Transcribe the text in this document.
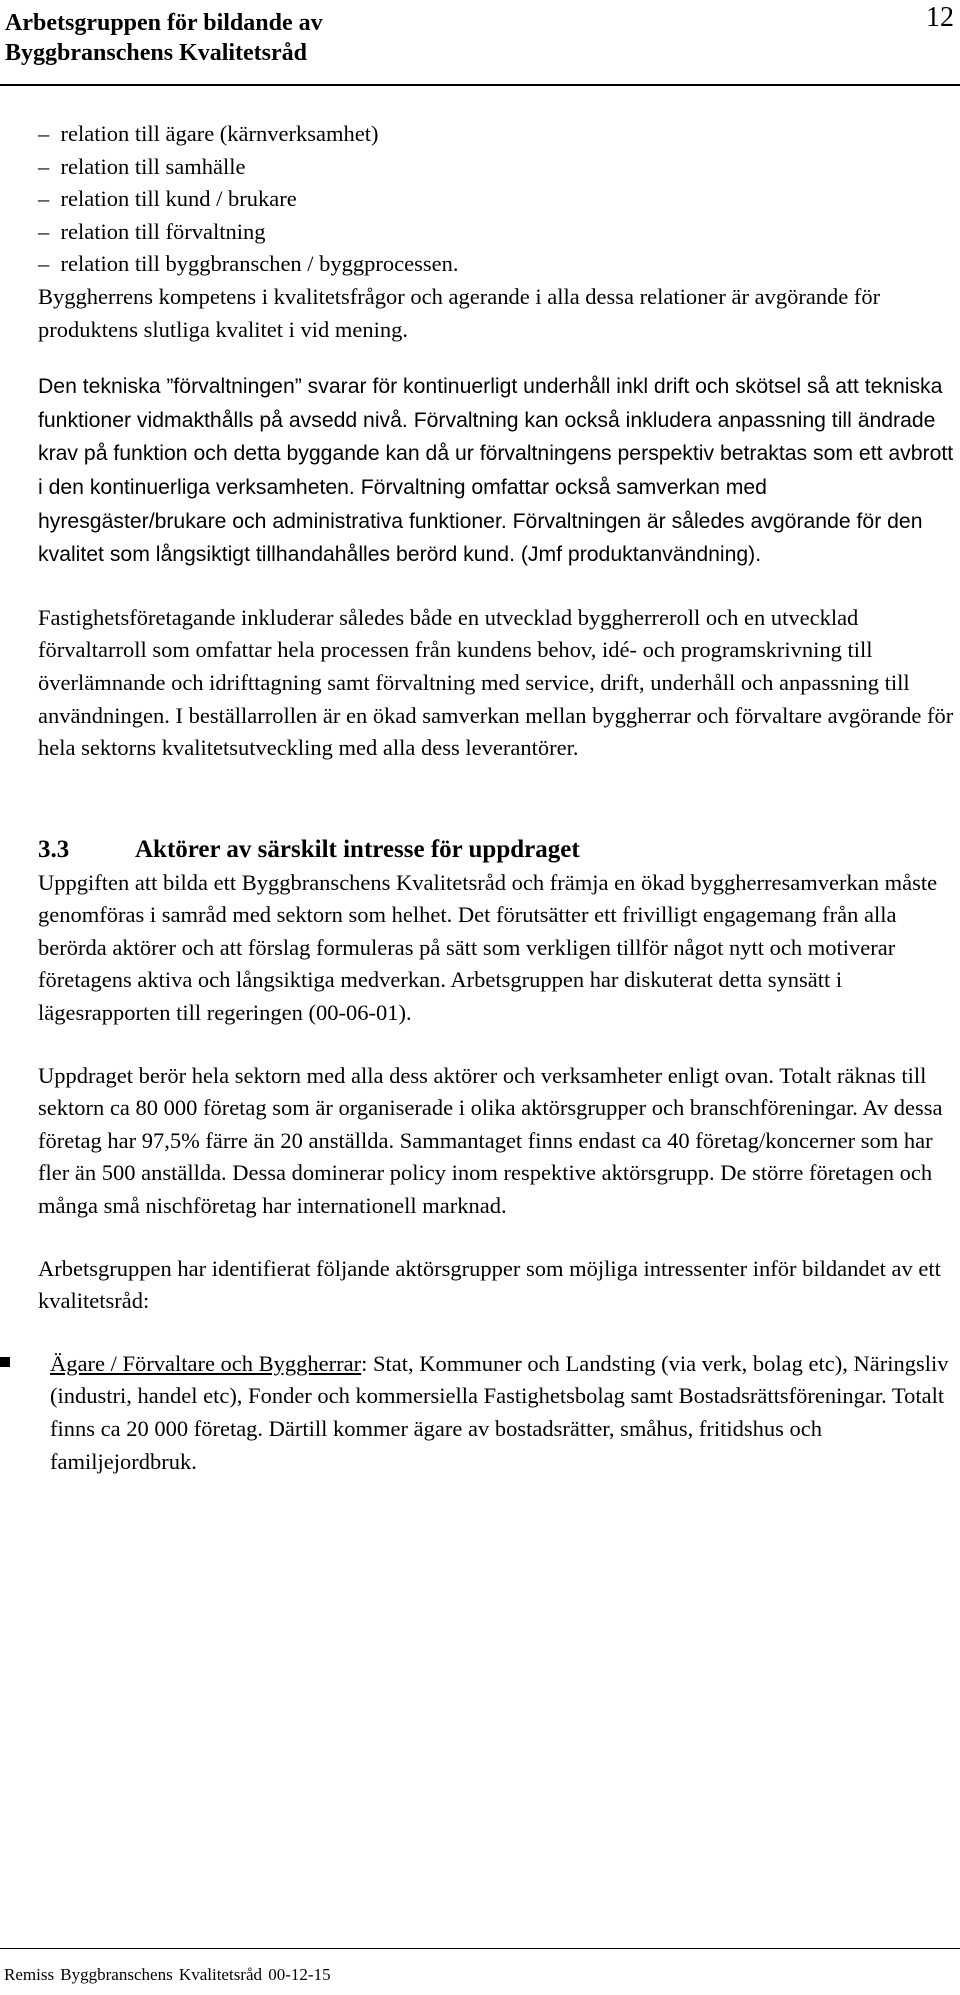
Arbetsgruppen för bildande av
Byggbranschens Kvalitetsråd
12
–  relation till ägare (kärnverksamhet)
–  relation till samhälle
–  relation till kund / brukare
–  relation till förvaltning
–  relation till byggbranschen / byggprocessen.

Byggherrens kompetens i kvalitetsfrågor och agerande i alla dessa relationer är avgörande för produktens slutliga kvalitet i vid mening.

Den tekniska ”förvaltningen” svarar för kontinuerligt underhåll inkl drift och skötsel så att tekniska funktioner vidmakthålls på avsedd nivå. Förvaltning kan också inkludera anpassning till ändrade krav på funktion och detta byggande kan då ur förvaltningens perspektiv betraktas som ett avbrott i den kontinuerliga verksamheten. Förvaltning omfattar också samverkan med hyresgäster/brukare och administrativa funktioner. Förvaltningen är således avgörande för den kvalitet som långsiktigt tillhandahålles berörd kund. (Jmf produktanvändning).

Fastighetsföretagande inkluderar således både en utvecklad byggherreroll och en utvecklad förvaltarroll som omfattar hela processen från kundens behov, idé- och programskrivning till överlämnande och idrifttagning samt förvaltning med service, drift, underhåll och anpassning till användningen. I beställarrollen är en ökad samverkan mellan byggherrar och förvaltare avgörande för hela sektorns kvalitetsutveckling med alla dess leverantörer.

3.3	Aktörer av särskilt intresse för uppdraget

Uppgiften att bilda ett Byggbranschens Kvalitetsråd och främja en ökad byggherresamverkan måste genomföras i samråd med sektorn som helhet. Det förutsätter ett frivilligt engagemang från alla berörda aktörer och att förslag formuleras på sätt som verkligen tillför något nytt och motiverar företagens aktiva och långsiktiga medverkan. Arbetsgruppen har diskuterat detta synsätt i lägesrapporten till regeringen (00-06-01).

Uppdraget berör hela sektorn med alla dess aktörer och verksamheter enligt ovan. Totalt räknas till sektorn ca 80 000 företag som är organiserade i olika aktörsgrupper och branschföreningar. Av dessa företag har 97,5% färre än 20 anställda. Sammantaget finns endast ca 40 företag/koncerner som har fler än 500 anställda. Dessa dominerar policy inom respektive aktörsgrupp. De större företagen och många små nischföretag har internationell marknad.

Arbetsgruppen har identifierat följande aktörsgrupper som möjliga intressenter inför bildandet av ett kvalitetsråd:

Ägare / Förvaltare och Byggherrar: Stat, Kommuner och Landsting (via verk, bolag etc), Näringsliv (industri, handel etc), Fonder och kommersiella Fastighetsbolag samt Bostadsrättsföreningar. Totalt finns ca 20 000 företag. Därtill kommer ägare av bostadsrätter, småhus, fritidshus och familjejordbruk.

Remiss Byggbranschens Kvalitetsråd 00-12-15
